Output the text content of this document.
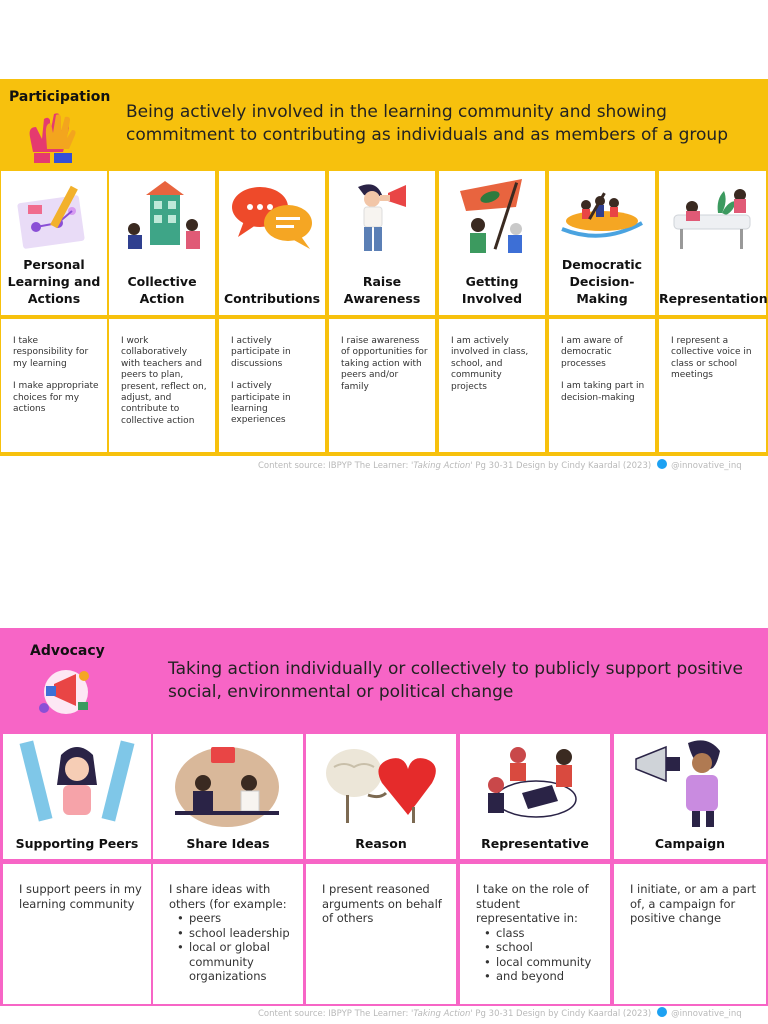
Participation
Being actively involved in the learning community and showing commitment to contributing as individuals and as members of a group
Personal Learning and Actions
I take responsibility for my learning
I make appropriate choices for my actions
Collective Action
I work collaboratively with teachers and peers to plan, present, reflect on, adjust, and contribute to collective action
Contributions
I actively participate in discussions
I actively participate in learning experiences
Raise Awareness
I raise awareness of opportunities for taking action with peers and/or family
Getting Involved
I am actively involved in class, school, and community projects
Democratic Decision-Making
I am aware of democratic processes
I am taking part in decision-making
Representation
I represent a collective voice in class or school meetings
Content source: IBPYP The Learner: 'Taking Action' Pg 30-31 Design by Cindy Kaardal (2023) @innovative_inq
Advocacy
Taking action individually or collectively to publicly support positive social, environmental or political change
Supporting Peers
I support peers in my learning community
Share Ideas
I share ideas with others (for example:
• peers
• school leadership
• local or global community organizations
Reason
I present reasoned arguments on behalf of others
Representative
I take on the role of student representative in:
• class
• school
• local community
• and beyond
Campaign
I initiate, or am a part of, a campaign for positive change
Content source: IBPYP The Learner: 'Taking Action' Pg 30-31 Design by Cindy Kaardal (2023) @innovative_inq
